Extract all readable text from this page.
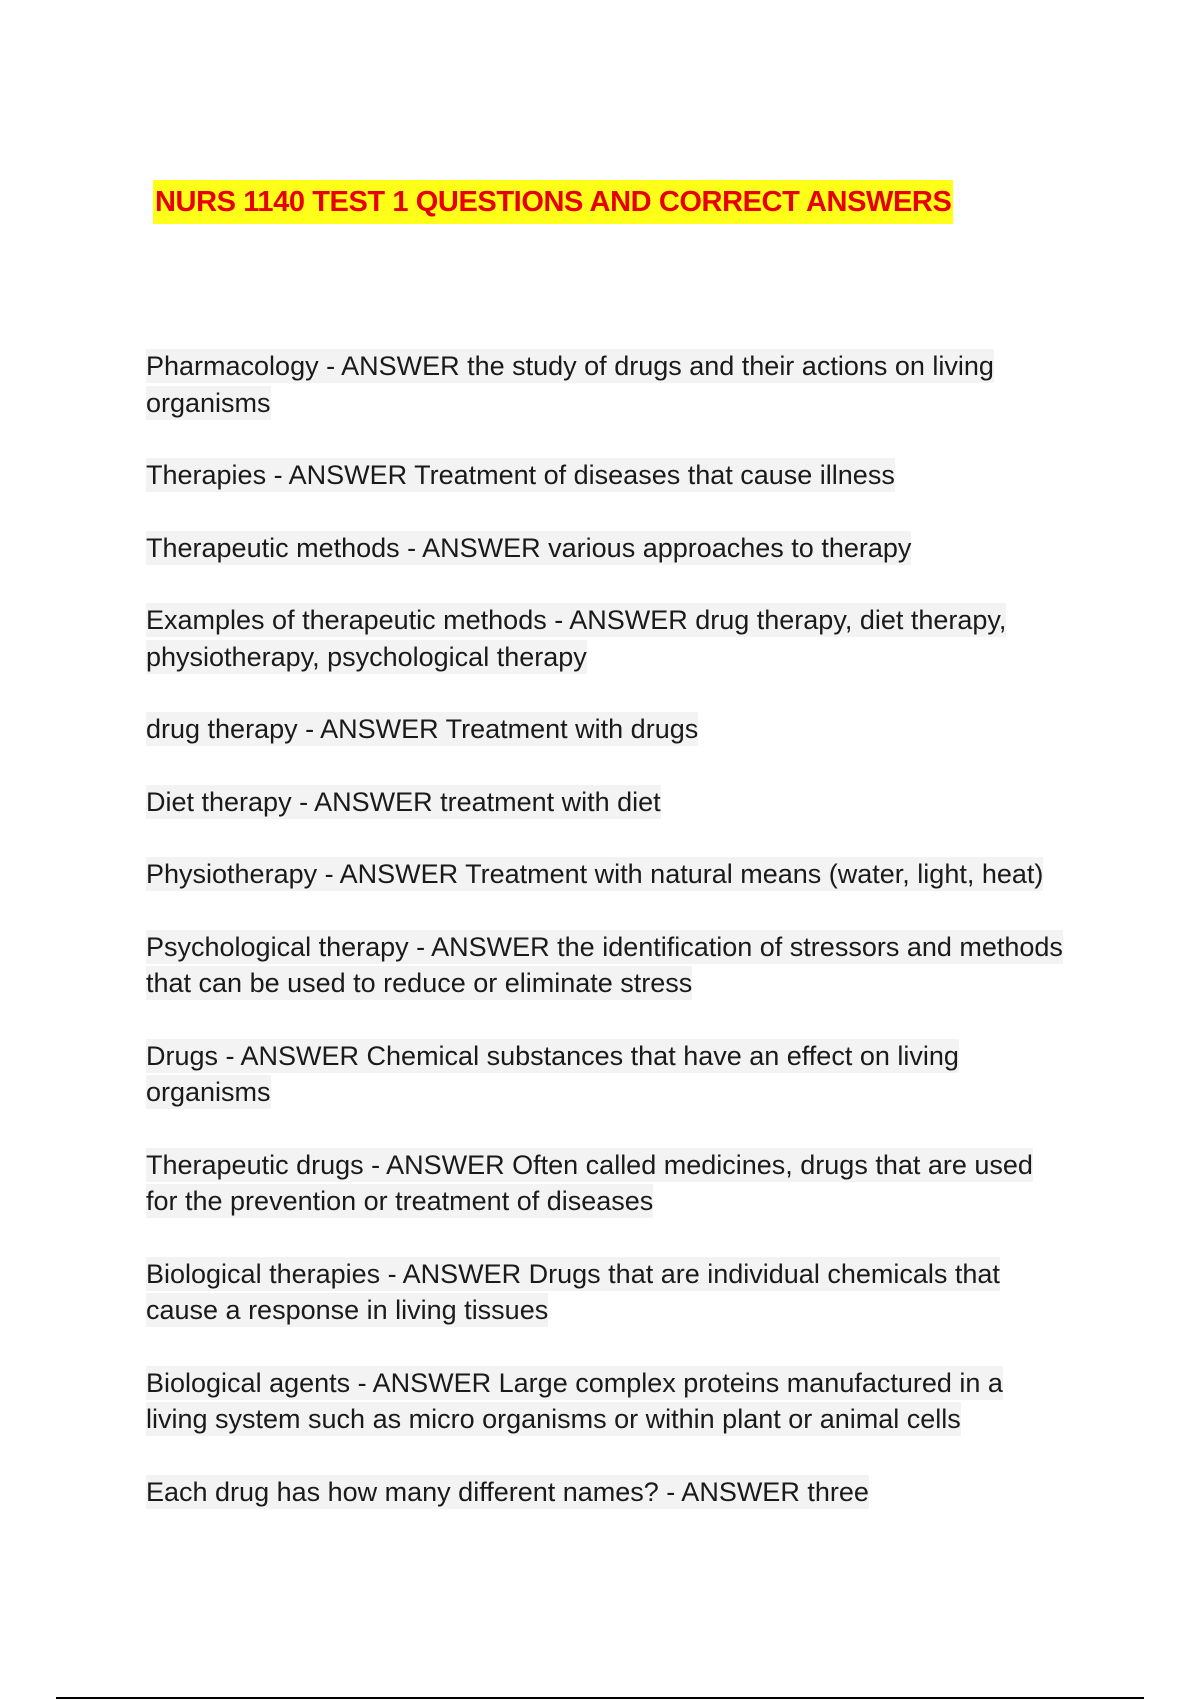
NURS 1140 TEST 1 QUESTIONS AND CORRECT ANSWERS

Pharmacology - ANSWER the study of drugs and their actions on living organisms

Therapies - ANSWER Treatment of diseases that cause illness

Therapeutic methods - ANSWER various approaches to therapy

Examples of therapeutic methods - ANSWER drug therapy, diet therapy, physiotherapy, psychological therapy

drug therapy - ANSWER Treatment with drugs

Diet therapy - ANSWER treatment with diet

Physiotherapy - ANSWER Treatment with natural means (water, light, heat)

Psychological therapy - ANSWER the identification of stressors and methods that can be used to reduce or eliminate stress

Drugs - ANSWER Chemical substances that have an effect on living organisms

Therapeutic drugs - ANSWER Often called medicines, drugs that are used for the prevention or treatment of diseases

Biological therapies - ANSWER Drugs that are individual chemicals that cause a response in living tissues

Biological agents - ANSWER Large complex proteins manufactured in a living system such as micro organisms or within plant or animal cells

Each drug has how many different names? - ANSWER three
